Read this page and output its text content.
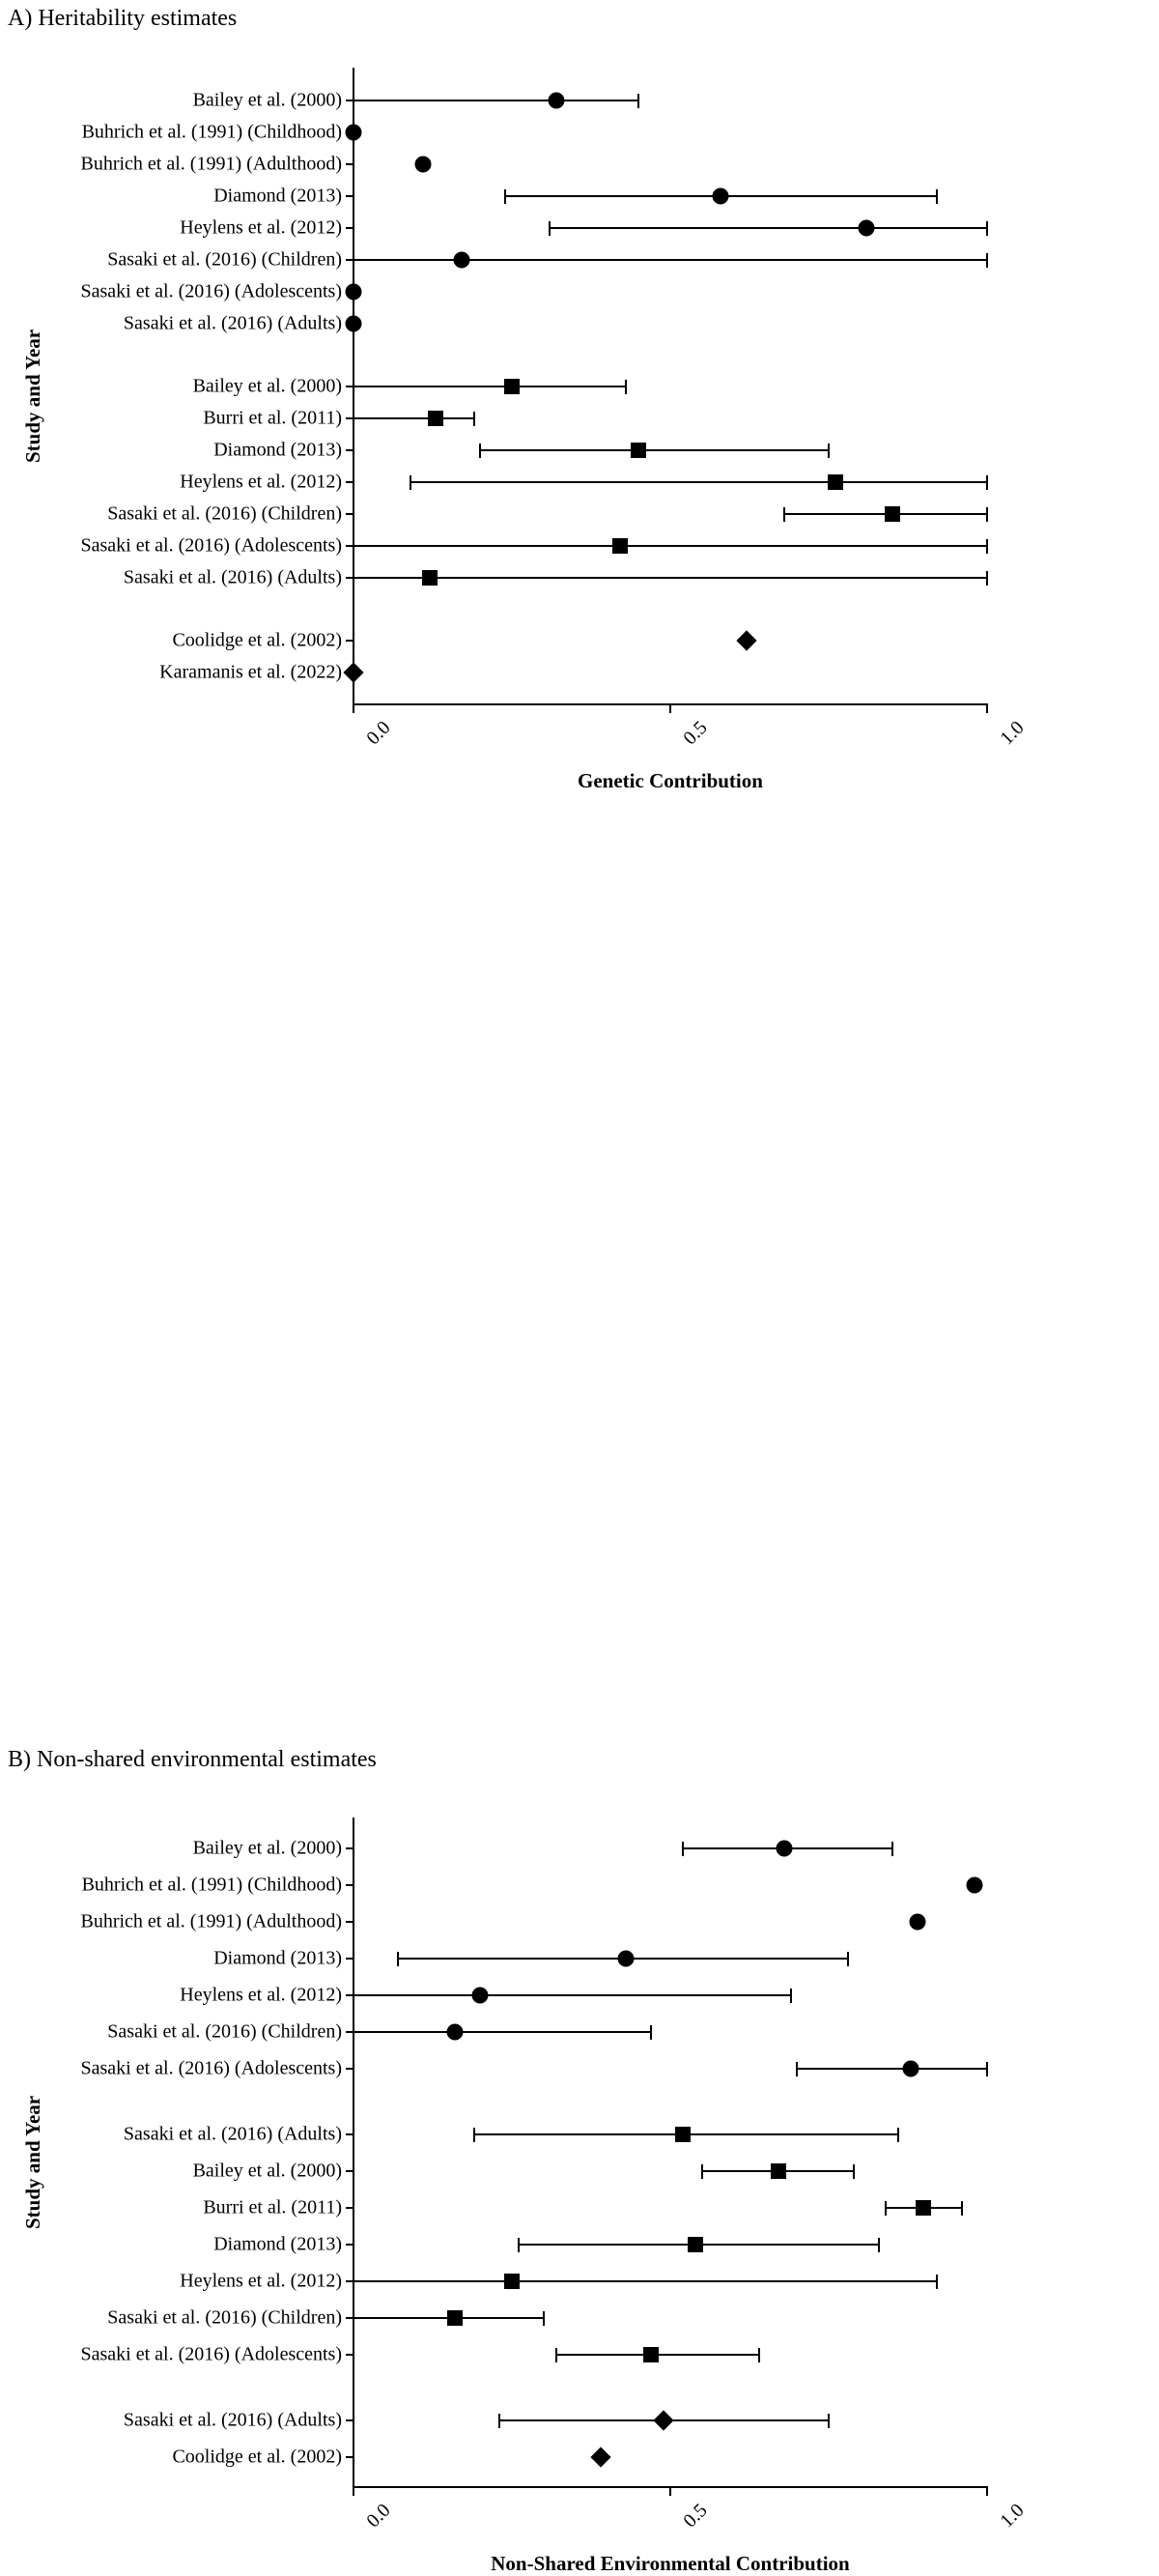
A) Heritability estimates
Bailey et al. (2000)
Buhrich et al. (1991) (Childhood)
Buhrich et al. (1991) (Adulthood)
Diamond (2013)
Heylens et al. (2012)
Sasaki et al. (2016) (Children)
Sasaki et al. (2016) (Adolescents)
Sasaki et al. (2016) (Adults)
Bailey et al. (2000)
Burri et al. (2011)
Diamond (2013)
Heylens et al. (2012)
Sasaki et al. (2016) (Children)
Sasaki et al. (2016) (Adolescents)
Sasaki et al. (2016) (Adults)
Coolidge et al. (2002)
Karamanis et al. (2022)
0.0	0.5	1.0
Genetic Contribution
Study and Year
B) Non-shared environmental estimates
Bailey et al. (2000)
Buhrich et al. (1991) (Childhood)
Buhrich et al. (1991) (Adulthood)
Diamond (2013)
Heylens et al. (2012)
Sasaki et al. (2016) (Children)
Sasaki et al. (2016) (Adolescents)
Sasaki et al. (2016) (Adults)
Bailey et al. (2000)
Burri et al. (2011)
Diamond (2013)
Heylens et al. (2012)
Sasaki et al. (2016) (Children)
Sasaki et al. (2016) (Adolescents)
Sasaki et al. (2016) (Adults)
Coolidge et al. (2002)
0.0	0.5	1.0
Non-Shared Environmental Contribution
Study and Year
